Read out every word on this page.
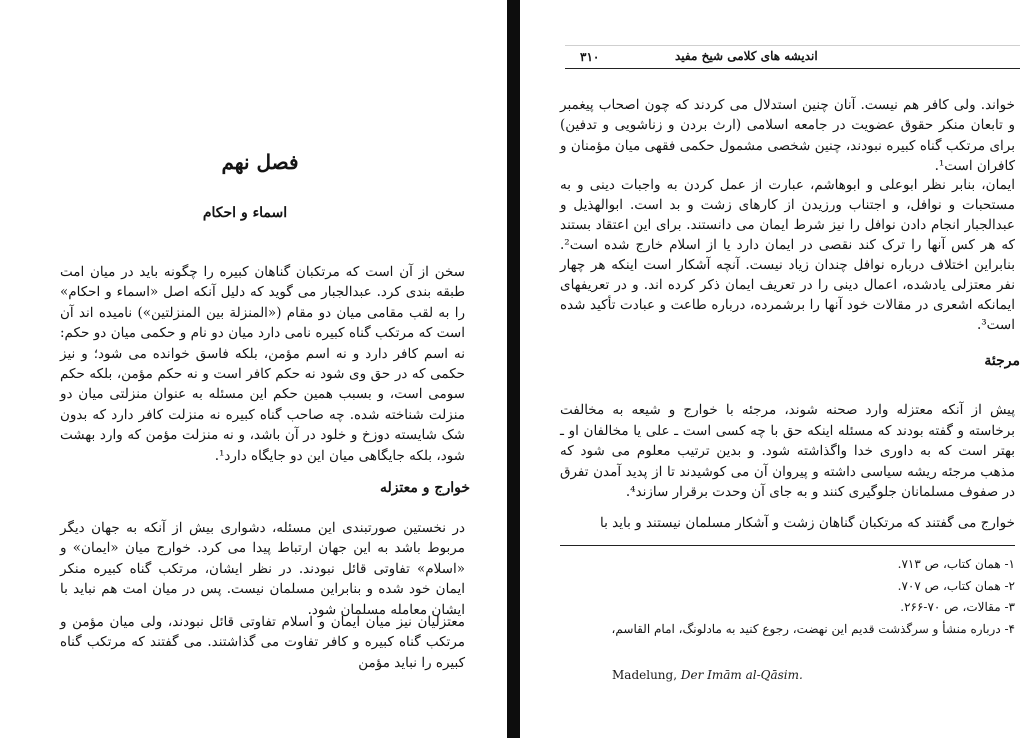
فصل نهم
اسماء و احکام
سخن از آن است که مرتکبان گناهان کبیره را چگونه باید در میان امت طبقه بندی کرد. عبدالجبار می گوید که دلیل آنکه اصل «اسماء و احکام» را به لقب مقامی میان دو مقام («المنزلة بین المنزلتین») نامیده اند آن است که مرتکب گناه کبیره نامی دارد میان دو نام و حکمی میان دو حکم: نه اسم کافر دارد و نه اسم مؤمن، بلکه فاسق خوانده می شود؛ و نیز حکمی که در حق وی شود نه حکم کافر است و نه حکم مؤمن، بلکه حکم سومی است، و بسبب همین حکم این مسئله به عنوان منزلتی میان دو منزلت شناخته شده. چه صاحب گناه کبیره نه منزلت کافر دارد که بدون شک شایسته دوزخ و خلود در آن باشد، و نه منزلت مؤمن که وارد بهشت شود، بلکه جایگاهی میان این دو جایگاه دارد¹.
خوارج و معتزله
در نخستین صورتبندی این مسئله، دشواری بیش از آنکه به جهان دیگر مربوط باشد به این جهان ارتباط پیدا می کرد. خوارج میان «ایمان» و «اسلام» تفاوتی قائل نبودند. در نظر ایشان، مرتکب گناه کبیره منکر ایمان خود شده و بنابراین مسلمان نیست. پس در میان امت هم نباید با ایشان معامله مسلمان شود.
معتزلیان نیز میان ایمان و اسلام تفاوتی قائل نبودند، ولی میان مؤمن و مرتکب گناه کبیره و کافر تفاوت می گذاشتند. می گفتند که مرتکب گناه کبیره را نباید مؤمن
۳۱۰	اندیشه های کلامی شیخ مفید
خواند. ولی کافر هم نیست. آنان چنین استدلال می کردند که چون اصحاب پیغمبر و تابعان منکر حقوق عضویت در جامعه اسلامی (ارث بردن و زناشویی و تدفین) برای مرتکب گناه کبیره نبودند، چنین شخصی مشمول حکمی فقهی میان مؤمنان و کافران است¹.
ایمان، بنابر نظر ابوعلی و ابوهاشم، عبارت از عمل کردن به واجبات دینی و به مستحبات و نوافل، و اجتناب ورزیدن از کارهای زشت و بد است. ابوالهذیل و عبدالجبار انجام دادن نوافل را نیز شرط ایمان می دانستند. برای این اعتقاد بستند که هر کس آنها را ترک کند نقصی در ایمان دارد یا از اسلام خارج شده است². بنابراین اختلاف درباره نوافل چندان زیاد نیست. آنچه آشکار است اینکه هر چهار نفر معتزلی یادشده، اعمال دینی را در تعریف ایمان ذکر کرده اند. و در تعریفهای ایمانکه اشعری در مقالات خود آنها را برشمرده، درباره طاعت و عبادت تأکید شده است³.
مرجئة
پیش از آنکه معتزله وارد صحنه شوند، مرجئه با خوارج و شیعه به مخالفت برخاسته و گفته بودند که مسئله اینکه حق با چه کسی است ـ علی یا مخالفان او ـ بهتر است که به داوری خدا واگذاشته شود. و بدین ترتیب معلوم می شود که مذهب مرجئه ریشه سیاسی داشته و پیروان آن می کوشیدند تا از پدید آمدن تفرق در صفوف مسلمانان جلوگیری کنند و به جای آن وحدت برقرار سازند⁴.
خوارج می گفتند که مرتکبان گناهان زشت و آشکار مسلمان نیستند و باید با
۱- همان کتاب، ص ۷۱۳.
۲- همان کتاب، ص ۷۰۷.
۳- مقالات، ص ۷۰-۲۶۶.
۴- درباره منشأ و سرگذشت قدیم این نهضت، رجوع کنید به مادلونگ، امام القاسم،
Madelung, Der Imām al-Qāsim.
